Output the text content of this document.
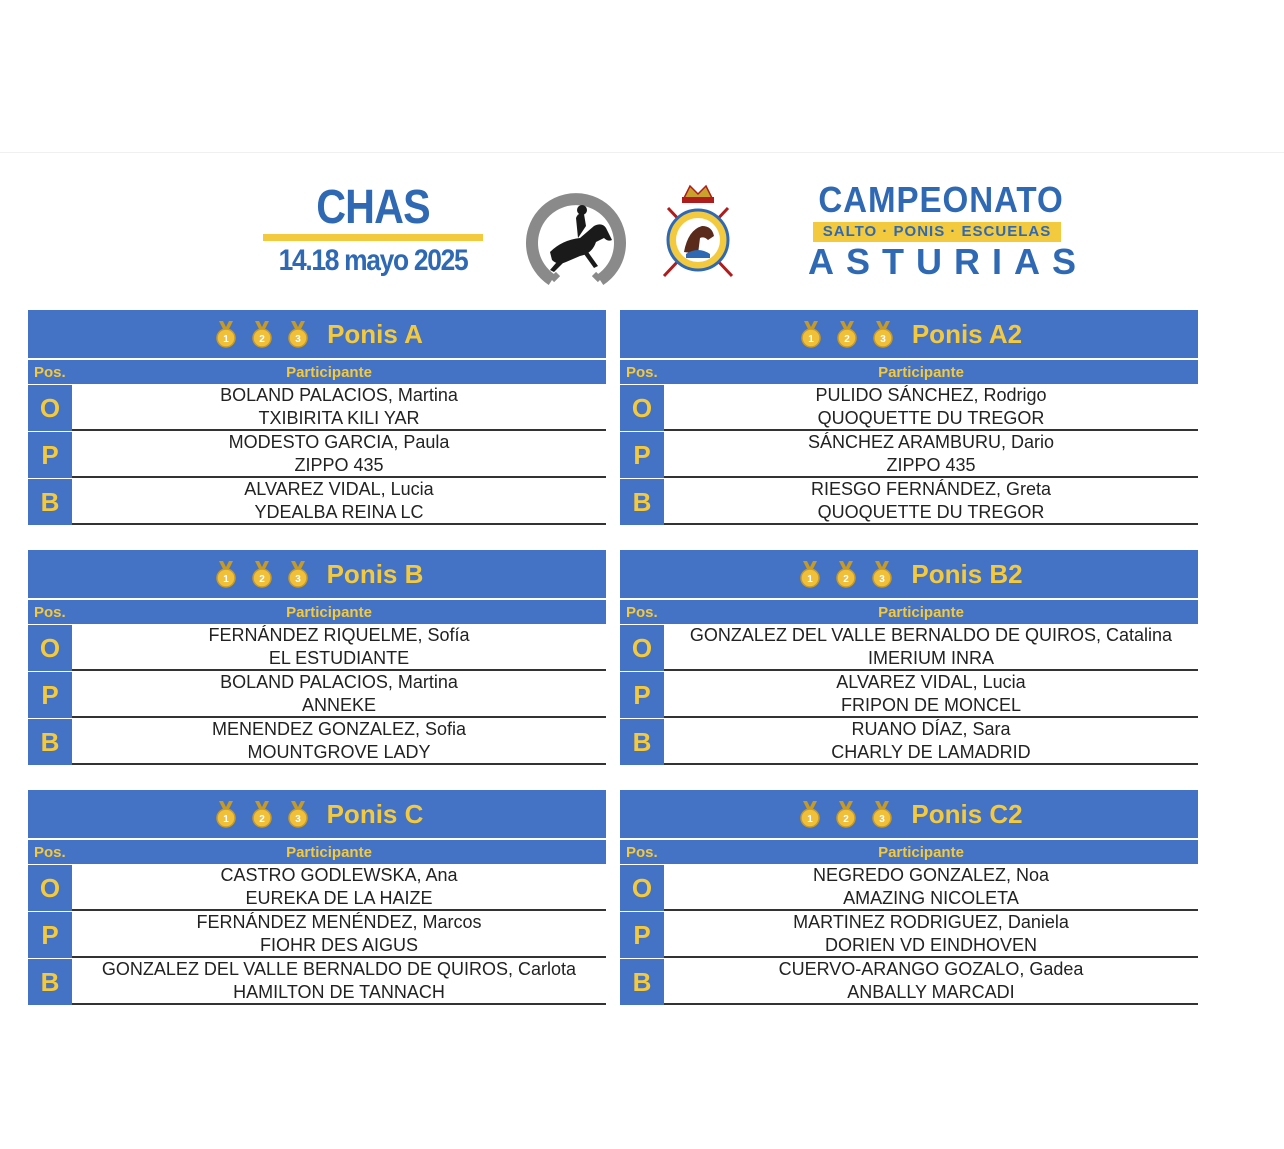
CHAS
14.18 mayo 2025
CAMPEONATO
SALTO · PONIS · ESCUELAS
ASTURIAS
1	2	3 Ponis A
Pos.	Participante
O	BOLAND PALACIOS, Martina
TXIBIRITA KILI YAR
P	MODESTO GARCIA, Paula
ZIPPO 435
B	ALVAREZ VIDAL, Lucia
YDEALBA REINA LC
1	2	3 Ponis A2
Pos.	Participante
O	PULIDO SÁNCHEZ, Rodrigo
QUOQUETTE DU TREGOR
P	SÁNCHEZ ARAMBURU, Dario
ZIPPO 435
B	RIESGO FERNÁNDEZ, Greta
QUOQUETTE DU TREGOR
1	2	3 Ponis B
Pos.	Participante
O	FERNÁNDEZ RIQUELME, Sofía
EL ESTUDIANTE
P	BOLAND PALACIOS, Martina
ANNEKE
B	MENENDEZ GONZALEZ, Sofia
MOUNTGROVE LADY
1	2	3 Ponis B2
Pos.	Participante
O	GONZALEZ DEL VALLE BERNALDO DE QUIROS, Catalina
IMERIUM INRA
P	ALVAREZ VIDAL, Lucia
FRIPON DE MONCEL
B	RUANO DÍAZ, Sara
CHARLY DE LAMADRID
1	2	3 Ponis C
Pos.	Participante
O	CASTRO GODLEWSKA, Ana
EUREKA DE LA HAIZE
P	FERNÁNDEZ MENÉNDEZ, Marcos
FIOHR DES AIGUS
B	GONZALEZ DEL VALLE BERNALDO DE QUIROS, Carlota
HAMILTON DE TANNACH
1	2	3 Ponis C2
Pos.	Participante
O	NEGREDO GONZALEZ, Noa
AMAZING NICOLETA
P	MARTINEZ RODRIGUEZ, Daniela
DORIEN VD EINDHOVEN
B	CUERVO-ARANGO GOZALO, Gadea
ANBALLY MARCADI
